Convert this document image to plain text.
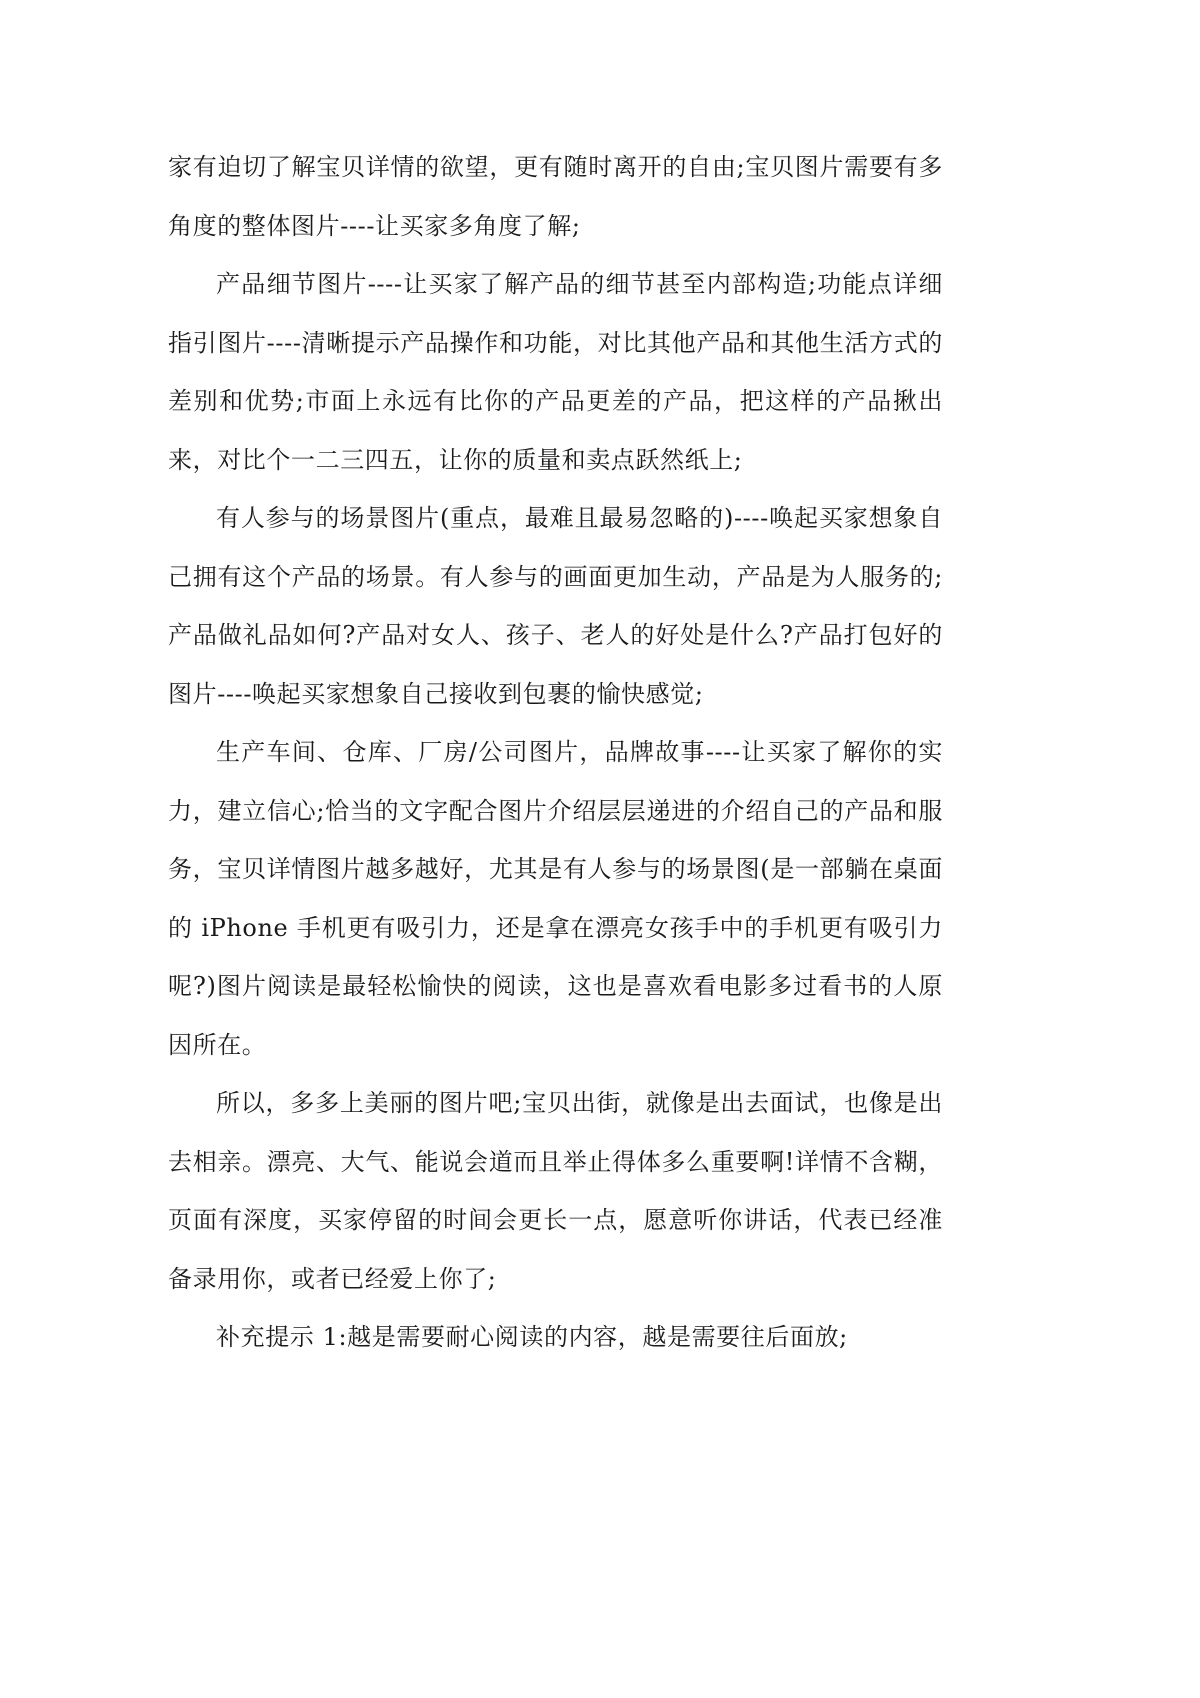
家有迫切了解宝贝详情的欲望，更有随时离开的自由;宝贝图片需要有多角度的整体图片----让买家多角度了解;

产品细节图片----让买家了解产品的细节甚至内部构造;功能点详细指引图片----清晰提示产品操作和功能，对比其他产品和其他生活方式的差别和优势;市面上永远有比你的产品更差的产品，把这样的产品揪出来，对比个一二三四五，让你的质量和卖点跃然纸上;

有人参与的场景图片(重点，最难且最易忽略的)----唤起买家想象自己拥有这个产品的场景。有人参与的画面更加生动，产品是为人服务的;产品做礼品如何?产品对女人、孩子、老人的好处是什么?产品打包好的图片----唤起买家想象自己接收到包裹的愉快感觉;

生产车间、仓库、厂房/公司图片，品牌故事----让买家了解你的实力，建立信心;恰当的文字配合图片介绍层层递进的介绍自己的产品和服务，宝贝详情图片越多越好，尤其是有人参与的场景图(是一部躺在桌面的 iPhone 手机更有吸引力，还是拿在漂亮女孩手中的手机更有吸引力呢?)图片阅读是最轻松愉快的阅读，这也是喜欢看电影多过看书的人原因所在。

所以，多多上美丽的图片吧;宝贝出街，就像是出去面试，也像是出去相亲。漂亮、大气、能说会道而且举止得体多么重要啊!详情不含糊，页面有深度，买家停留的时间会更长一点，愿意听你讲话，代表已经准备录用你，或者已经爱上你了;

补充提示 1:越是需要耐心阅读的内容，越是需要往后面放;
